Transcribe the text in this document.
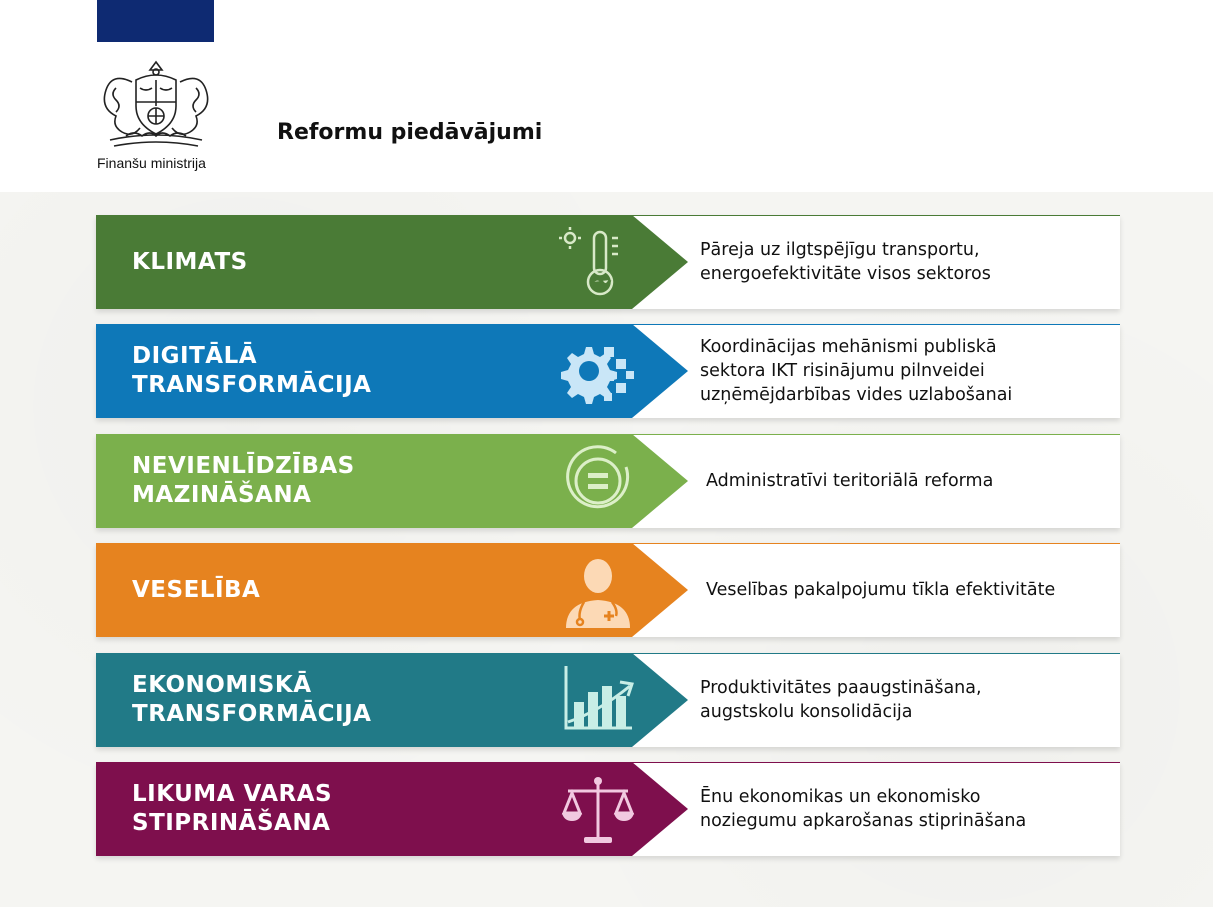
Finanšu ministrija
Reformu piedāvājumi
KLIMATS	Pāreja uz ilgtspējīgu transportu,
energoefektivitāte visos sektoros
DIGITĀLĀ
TRANSFORMĀCIJA
Koordinācijas mehānismi publiskā
sektora IKT risinājumu pilnveidei
uzņēmējdarbības vides uzlabošanai
NEVIENLĪDZĪBAS
MAZINĀŠANA
Administratīvi teritoriālā reforma
VESELĪBA	Veselības pakalpojumu tīkla efektivitāte
EKONOMISKĀ
TRANSFORMĀCIJA
Produktivitātes paaugstināšana,
augstskolu konsolidācija
LIKUMA VARAS
STIPRINĀŠANA
Ēnu ekonomikas un ekonomisko
noziegumu apkarošanas stiprināšana
